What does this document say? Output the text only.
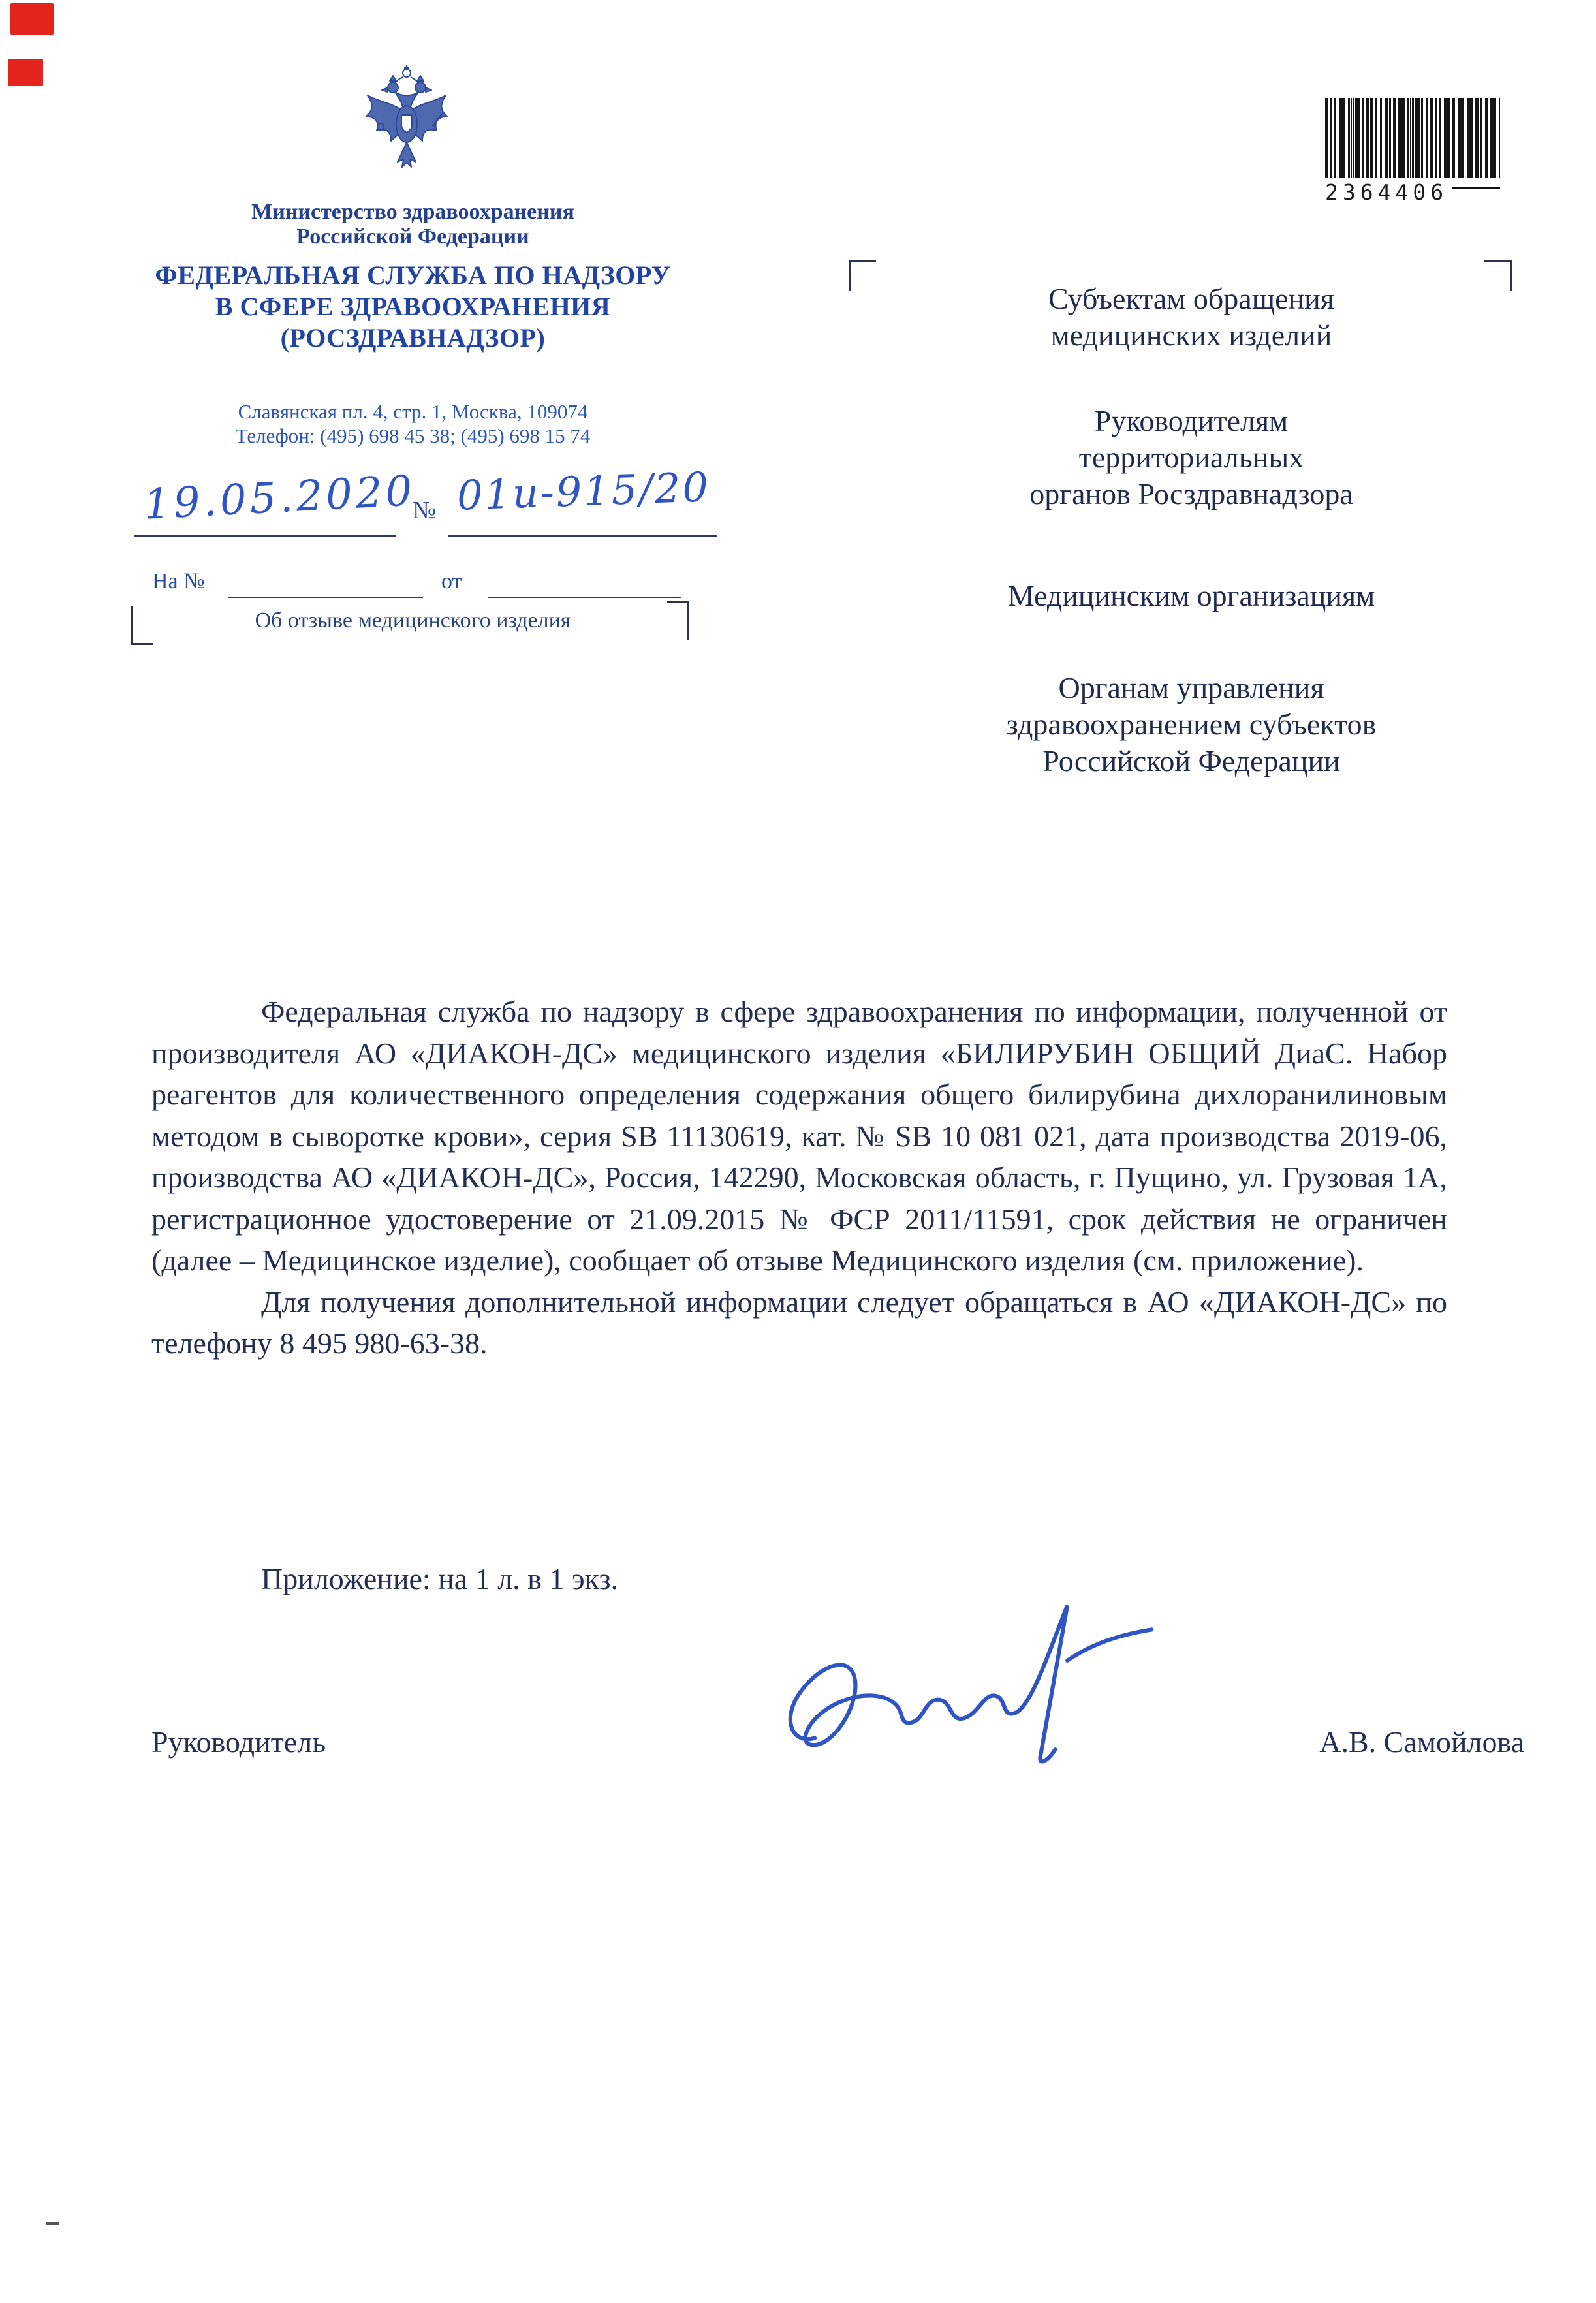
Министерство здравоохранения
Российской Федерации
ФЕДЕРАЛЬНАЯ СЛУЖБА ПО НАДЗОРУ
В СФЕРЕ ЗДРАВООХРАНЕНИЯ
(РОСЗДРАВНАДЗОР)
Славянская пл. 4, стр. 1, Москва, 109074
Телефон: (495) 698 45 38; (495) 698 15 74
19.05.2020
№ 01и-915/20
На №	от
Об отзыве медицинского изделия
2364406
Субъектам обращения
медицинских изделий
Руководителям
территориальных
органов Росздравнадзора
Медицинским организациям
Органам управления
здравоохранением субъектов
Российской Федерации

Федеральная служба по надзору в сфере здравоохранения по информации, полученной от производителя АО «ДИАКОН-ДС» медицинского изделия «БИЛИРУБИН ОБЩИЙ ДиаС. Набор реагентов для количественного определения содержания общего билирубина дихлоранилиновым методом в сыворотке крови», серия SB 11130619, кат. № SB 10 081 021, дата производства 2019-06, производства АО «ДИАКОН-ДС», Россия, 142290, Московская область, г. Пущино, ул. Грузовая 1А, регистрационное удостоверение от 21.09.2015 № ФСР 2011/11591, срок действия не ограничен (далее – Медицинское изделие), сообщает об отзыве Медицинского изделия (см. приложение).

Для получения дополнительной информации следует обращаться в АО «ДИАКОН-ДС» по телефону 8 495 980-63-38.

Приложение: на 1 л. в 1 экз.
Руководитель	А.В. Самойлова
